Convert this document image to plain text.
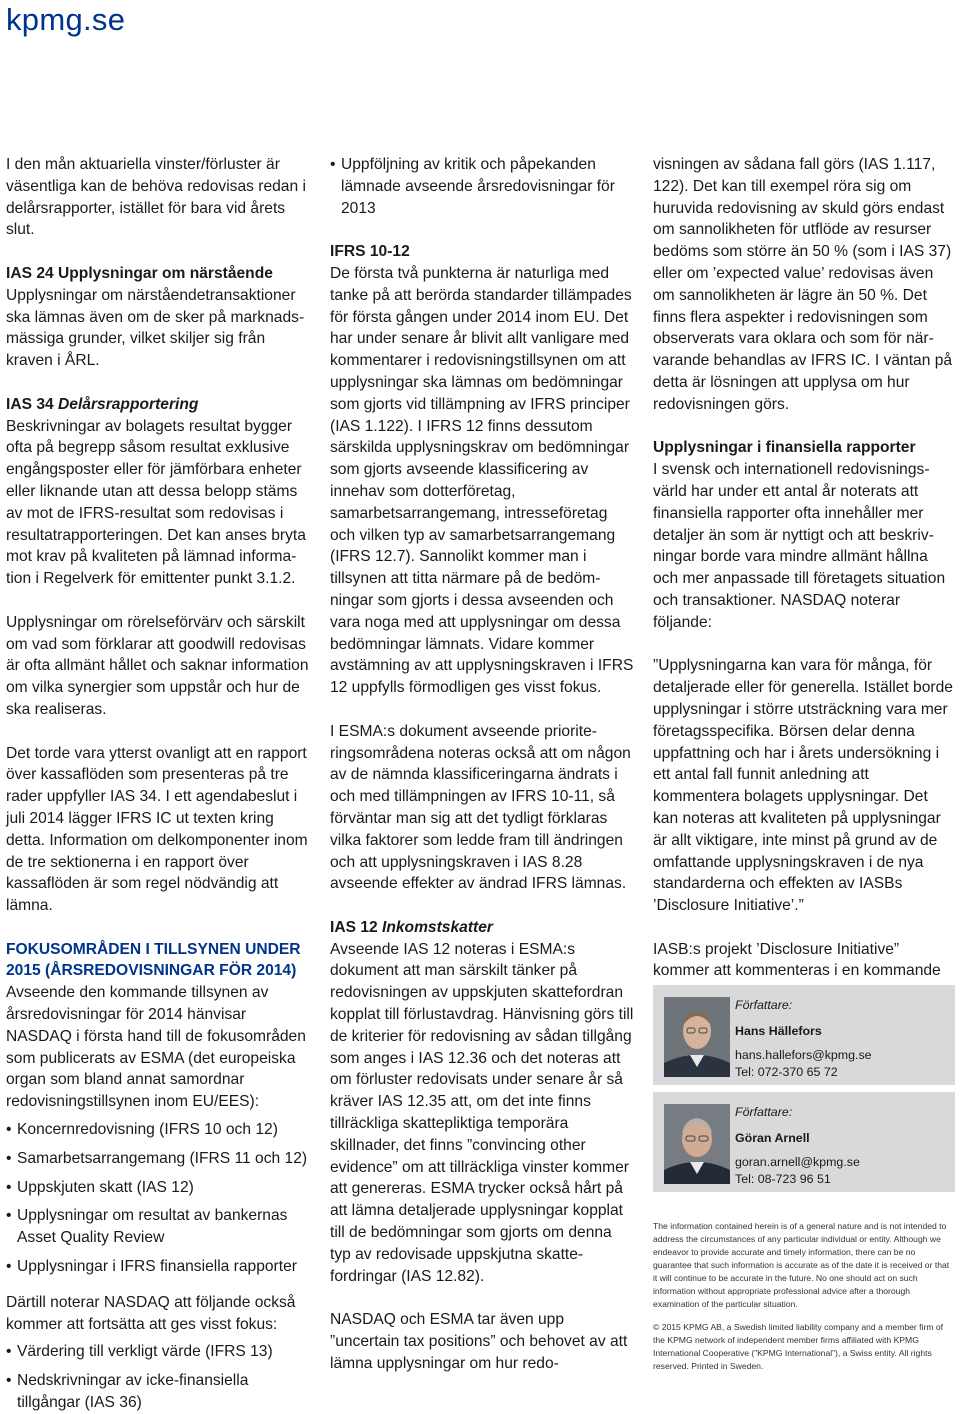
kpmg.se

I den mån aktuariella vinster/förluster är väsentliga kan de behöva redovisas redan i delårsrapporter, istället för bara vid årets slut.

IAS 24 Upplysningar om närstående

Upplysningar om närståendetransaktioner ska lämnas även om de sker på marknadsmässiga grunder, vilket skiljer sig från kraven i ÅRL.

IAS 34 Delårsrapportering

Beskrivningar av bolagets resultat bygger ofta på begrepp såsom resultat exklusive engångsposter eller för jämförbara enheter eller liknande utan att dessa belopp stäms av mot de IFRS-resultat som redovisas i resultatrapporteringen. Det kan anses bryta mot krav på kvaliteten på lämnad information i Regelverk för emittenter punkt 3.1.2.

Upplysningar om rörelseförvärv och särskilt om vad som förklarar att goodwill redovisas är ofta allmänt hållet och saknar information om vilka synergier som uppstår och hur de ska realiseras.

Det torde vara ytterst ovanligt att en rapport över kassaflöden som presenteras på tre rader uppfyller IAS 34. I ett agendabeslut i juli 2014 lägger IFRS IC ut texten kring detta. Information om delkomponenter inom de tre sektionerna i en rapport över kassaflöden är som regel nödvändig att lämna.

FOKUSOMRÅDEN I TILLSYNEN UNDER 2015 (ÅRSREDOVISNINGAR FÖR 2014)

Avseende den kommande tillsynen av årsredovisningar för 2014 hänvisar NASDAQ i första hand till de fokusområden som publicerats av ESMA (det europeiska organ som bland annat samordnar redovisningstillsynen inom EU/EES):

• Koncernredovisning (IFRS 10 och 12)

• Samarbetsarrangemang (IFRS 11 och 12)

• Uppskjuten skatt (IAS 12)

• Upplysningar om resultat av bankernas Asset Quality Review

• Upplysningar i IFRS finansiella rapporter

Därtill noterar NASDAQ att följande också kommer att fortsätta att ges visst fokus:

• Värdering till verkligt värde (IFRS 13)

• Nedskrivningar av icke-finansiella tillgångar (IAS 36)

• Uppföljning av kritik och påpekanden lämnade avseende årsredovisningar för 2013

IFRS 10-12

De första två punkterna är naturliga med tanke på att berörda standarder tillämpades för första gången under 2014 inom EU. Det har under senare år blivit allt vanligare med kommentarer i redovisningstillsynen om att upplysningar ska lämnas om bedömningar som gjorts vid tillämpning av IFRS principer (IAS 1.122). I IFRS 12 finns dessutom särskilda upplysningskrav om bedömningar som gjorts avseende klassificering av innehav som dotterföretag, samarbetsarrangemang, intresseföretag och vilken typ av samarbetsarrangemang (IFRS 12.7). Sannolikt kommer man i tillsynen att titta närmare på de bedömningar som gjorts i dessa avseenden och vara noga med att upplysningar om dessa bedömningar lämnats. Vidare kommer avstämning av att upplysningskraven i IFRS 12 uppfylls förmodligen ges visst fokus.

I ESMA:s dokument avseende prioriteringsområdena noteras också att om någon av de nämnda klassificeringarna ändrats i och med tillämpningen av IFRS 10-11, så förväntar man sig att det tydligt förklaras vilka faktorer som ledde fram till ändringen och att upplysningskraven i IAS 8.28 avseende effekter av ändrad IFRS lämnas.

IAS 12 Inkomstskatter

Avseende IAS 12 noteras i ESMA:s dokument att man särskilt tänker på redovisningen av uppskjuten skattefordran kopplat till förlustavdrag. Hänvisning görs till de kriterier för redovisning av sådan tillgång som anges i IAS 12.36 och det noteras att om förluster redovisats under senare år så kräver IAS 12.35 att, om det inte finns tillräckliga skattepliktiga temporära skillnader, det finns ”convincing other evidence” om att tillräckliga vinster kommer att genereras. ESMA trycker också hårt på att lämna detaljerade upplysningar kopplat till de bedömningar som gjorts om denna typ av redovisade uppskjutna skattefordringar (IAS 12.82).

NASDAQ och ESMA tar även upp ”uncertain tax positions” och behovet av att lämna upplysningar om hur redo-

visningen av sådana fall görs (IAS 1.117, 122). Det kan till exempel röra sig om huruvida redovisning av skuld görs endast om sannolikheten för utflöde av resurser bedöms som större än 50 % (som i IAS 37) eller om ’expected value’ redovisas även om sannolikheten är lägre än 50 %. Det finns flera aspekter i redovisningen som observerats vara oklara och som för närvarande behandlas av IFRS IC. I väntan på detta är lösningen att upplysa om hur redovisningen görs.

Upplysningar i finansiella rapporter

I svensk och internationell redovisningsvärld har under ett antal år noterats att finansiella rapporter ofta innehåller mer detaljer än som är nyttigt och att beskrivningar borde vara mindre allmänt hållna och mer anpassade till företagets situation och transaktioner. NASDAQ noterar följande:

”Upplysningarna kan vara för många, för detaljerade eller för generella. Istället borde upplysningar i större utsträckning vara mer företagsspecifika. Börsen delar denna uppfattning och har i årets undersökning i ett antal fall funnit anledning att kommentera bolagets upplysningar. Det kan noteras att kvaliteten på upplysningar är allt viktigare, inte minst på grund av de omfattande upplysningskraven i de nya standarderna och effekten av IASBs ’Disclosure Initiative’.”

IASB:s projekt ’Disclosure Initiative” kommer att kommenteras i en kommande

Författare:
Hans Hällefors
hans.hallefors@kpmg.se
Tel: 072-370 65 72
Författare:
Göran Arnell
goran.arnell@kpmg.se
Tel: 08-723 96 51
The information contained herein is of a general nature and is not intended to address the circumstances of any particular individual or entity. Although we endeavor to provide accurate and timely information, there can be no guarantee that such information is accurate as of the date it is received or that it will continue to be accurate in the future. No one should act on such information without appropriate professional advice after a thorough examination of the particular situation.
© 2015 KPMG AB, a Swedish limited liability company and a member firm of the KPMG network of independent member firms affiliated with KPMG International Cooperative (”KPMG International”), a Swiss entity. All rights reserved. Printed in Sweden.
